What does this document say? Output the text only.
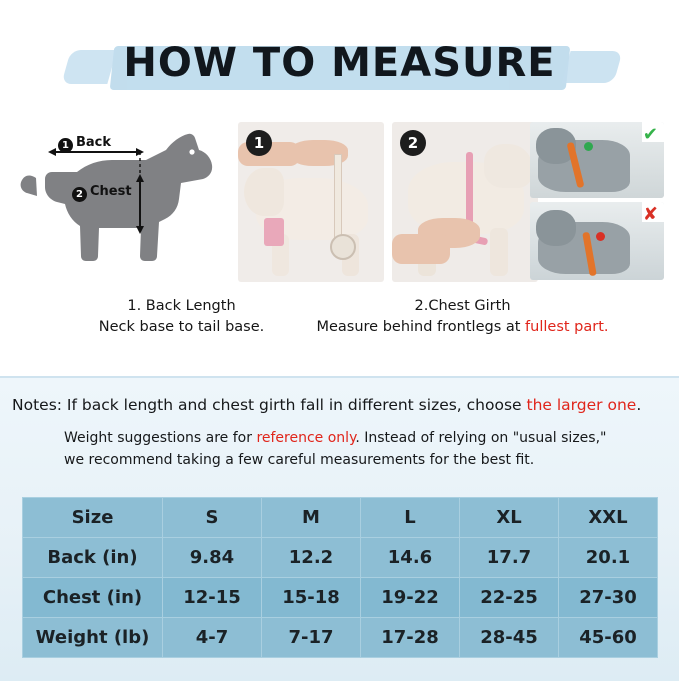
HOW TO MEASURE
1 Back
2 Chest
1	2	✔
✘
1. Back Length	2.Chest Girth
Neck base to tail base.	Measure behind frontlegs at fullest part.
Notes: If back length and chest girth fall in different sizes, choose the larger one.
Weight suggestions are for reference only. Instead of relying on "usual sizes,"
we recommend taking a few careful measurements for the best fit.
Size	S	M	L	XL	XXL
Back (in)	9.84	12.2	14.6	17.7	20.1
Chest (in)	12-15	15-18	19-22	22-25	27-30
Weight (lb)	4-7	7-17	17-28	28-45	45-60
